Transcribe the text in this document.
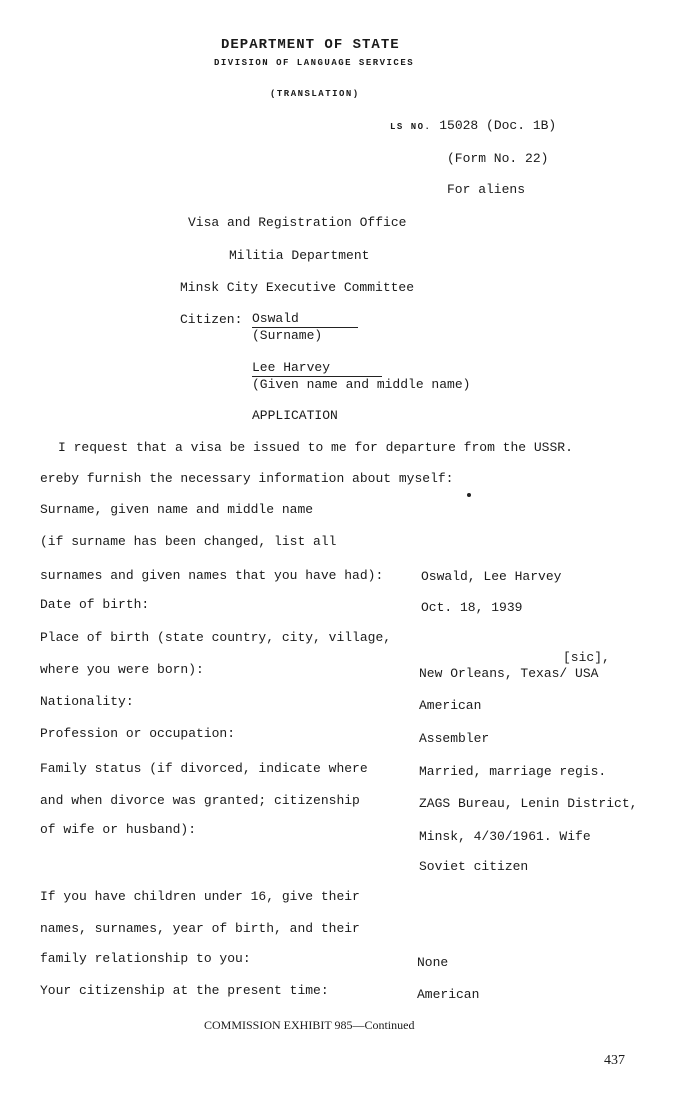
DEPARTMENT OF STATE
DIVISION OF LANGUAGE SERVICES
(TRANSLATION)
LS NO. 15028 (Doc. 1B)
(Form No. 22)
For aliens
Visa and Registration Office
Militia Department
Minsk City Executive Committee
Citizen: Oswald
(Surname)
Lee Harvey
(Given name and middle name)
APPLICATION
I request that a visa be issued to me for departure from the USSR.
ereby furnish the necessary information about myself:
Surname, given name and middle name
(if surname has been changed, list all
surnames and given names that you have had):
Date of birth:
Place of birth (state country, city, village,
where you were born):
Nationality:
Profession or occupation:
Family status (if divorced, indicate where
and when divorce was granted; citizenship
of wife or husband):
If you have children under 16, give their
names, surnames, year of birth, and their
family relationship to you:
Your citizenship at the present time:
Oswald, Lee Harvey
Oct. 18, 1939
[sic],
New Orleans, Texas/ USA
American
Assembler
Married, marriage regis.
ZAGS Bureau, Lenin District,
Minsk, 4/30/1961. Wife
Soviet citizen
None
American
COMMISSION EXHIBIT 985—Continued
437
